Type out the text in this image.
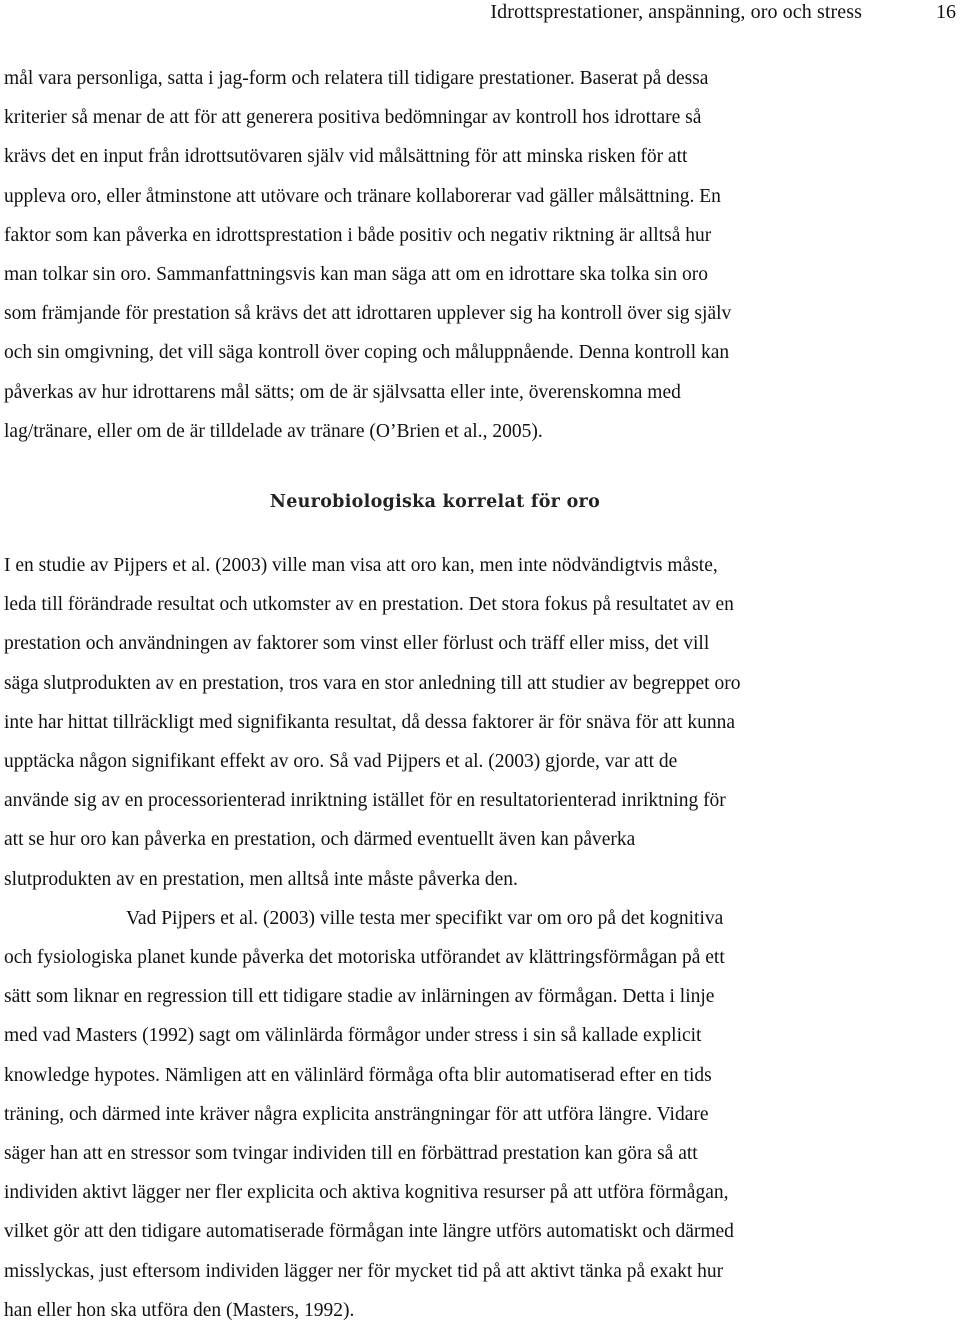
Idrottsprestationer, anspänning, oro och stress	16

mål vara personliga, satta i jag-form och relatera till tidigare prestationer. Baserat på dessa
kriterier så menar de att för att generera positiva bedömningar av kontroll hos idrottare så
krävs det en input från idrottsutövaren själv vid målsättning för att minska risken för att
uppleva oro, eller åtminstone att utövare och tränare kollaborerar vad gäller målsättning. En
faktor som kan påverka en idrottsprestation i både positiv och negativ riktning är alltså hur
man tolkar sin oro. Sammanfattningsvis kan man säga att om en idrottare ska tolka sin oro
som främjande för prestation så krävs det att idrottaren upplever sig ha kontroll över sig själv
och sin omgivning, det vill säga kontroll över coping och måluppnående. Denna kontroll kan
påverkas av hur idrottarens mål sätts; om de är självsatta eller inte, överenskomna med
lag/tränare, eller om de är tilldelade av tränare (O’Brien et al., 2005).

Neurobiologiska korrelat för oro

I en studie av Pijpers et al. (2003) ville man visa att oro kan, men inte nödvändigtvis måste,
leda till förändrade resultat och utkomster av en prestation. Det stora fokus på resultatet av en
prestation och användningen av faktorer som vinst eller förlust och träff eller miss, det vill
säga slutprodukten av en prestation, tros vara en stor anledning till att studier av begreppet oro
inte har hittat tillräckligt med signifikanta resultat, då dessa faktorer är för snäva för att kunna
upptäcka någon signifikant effekt av oro. Så vad Pijpers et al. (2003) gjorde, var att de
använde sig av en processorienterad inriktning istället för en resultatorienterad inriktning för
att se hur oro kan påverka en prestation, och därmed eventuellt även kan påverka
slutprodukten av en prestation, men alltså inte måste påverka den.

Vad Pijpers et al. (2003) ville testa mer specifikt var om oro på det kognitiva
och fysiologiska planet kunde påverka det motoriska utförandet av klättringsförmågan på ett
sätt som liknar en regression till ett tidigare stadie av inlärningen av förmågan. Detta i linje
med vad Masters (1992) sagt om välinlärda förmågor under stress i sin så kallade explicit
knowledge hypotes. Nämligen att en välinlärd förmåga ofta blir automatiserad efter en tids
träning, och därmed inte kräver några explicita ansträngningar för att utföra längre. Vidare
säger han att en stressor som tvingar individen till en förbättrad prestation kan göra så att
individen aktivt lägger ner fler explicita och aktiva kognitiva resurser på att utföra förmågan,
vilket gör att den tidigare automatiserade förmågan inte längre utförs automatiskt och därmed
misslyckas, just eftersom individen lägger ner för mycket tid på att aktivt tänka på exakt hur
han eller hon ska utföra den (Masters, 1992).
